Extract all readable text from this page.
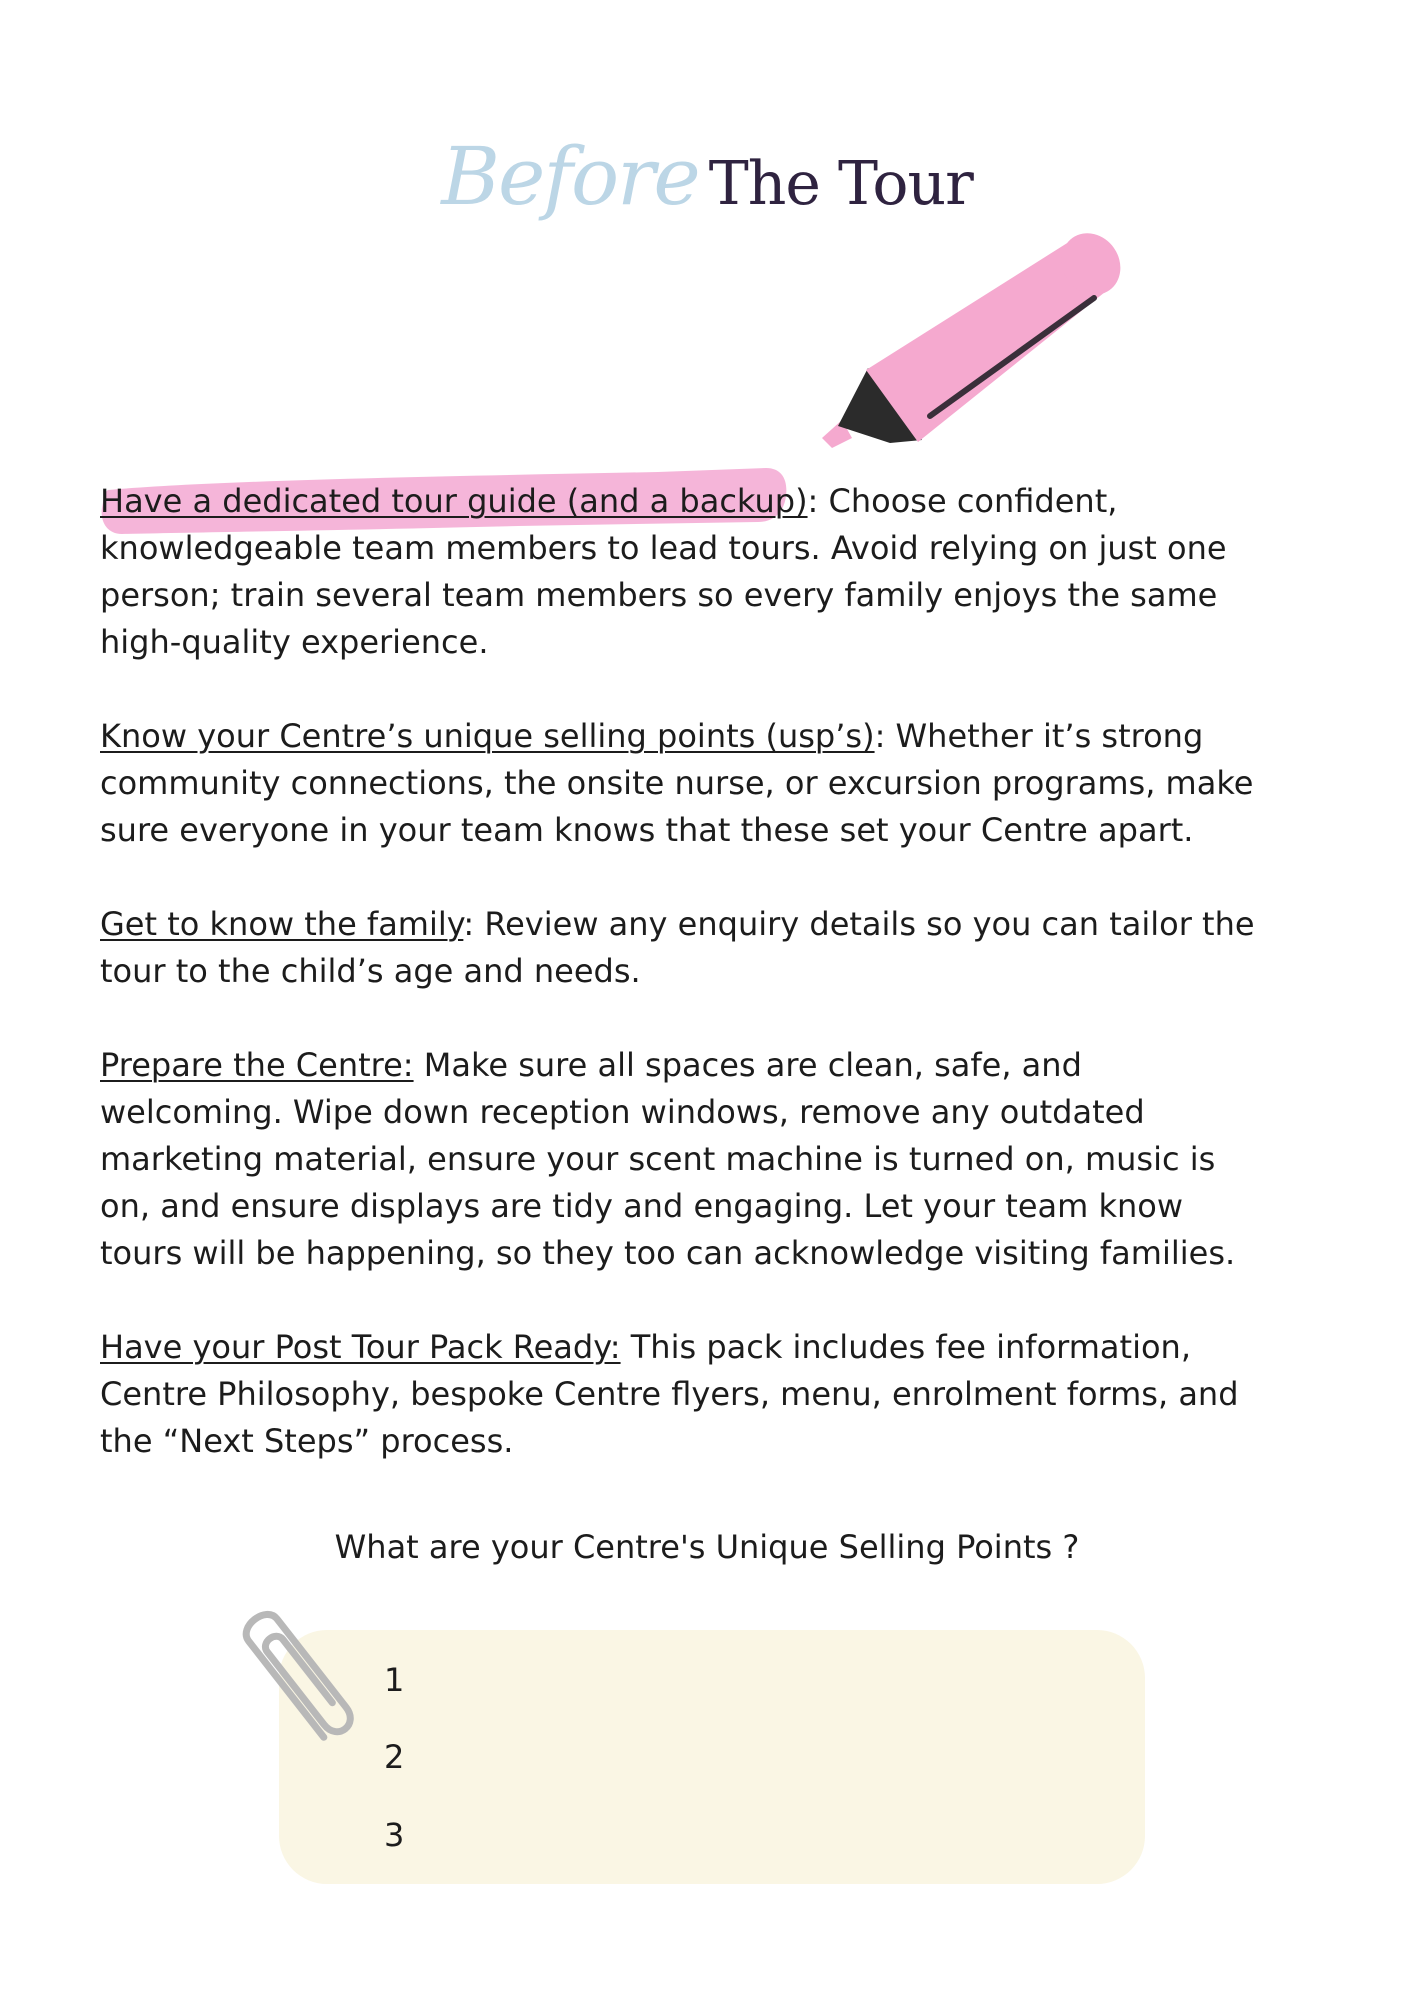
Before The Tour

Have a dedicated tour guide (and a backup): Choose confident, knowledgeable team members to lead tours. Avoid relying on just one person; train several team members so every family enjoys the same high-quality experience.

Know your Centre’s unique selling points (usp’s): Whether it’s strong community connections, the onsite nurse, or excursion programs, make sure everyone in your team knows that these set your Centre apart.

Get to know the family: Review any enquiry details so you can tailor the tour to the child’s age and needs.

Prepare the Centre: Make sure all spaces are clean, safe, and welcoming. Wipe down reception windows, remove any outdated marketing material, ensure your scent machine is turned on, music is on, and ensure displays are tidy and engaging. Let your team know tours will be happening, so they too can acknowledge visiting families.

Have your Post Tour Pack Ready: This pack includes fee information, Centre Philosophy, bespoke Centre flyers, menu, enrolment forms, and the “Next Steps” process.

What are your Centre's Unique Selling Points ?
1
2
3
